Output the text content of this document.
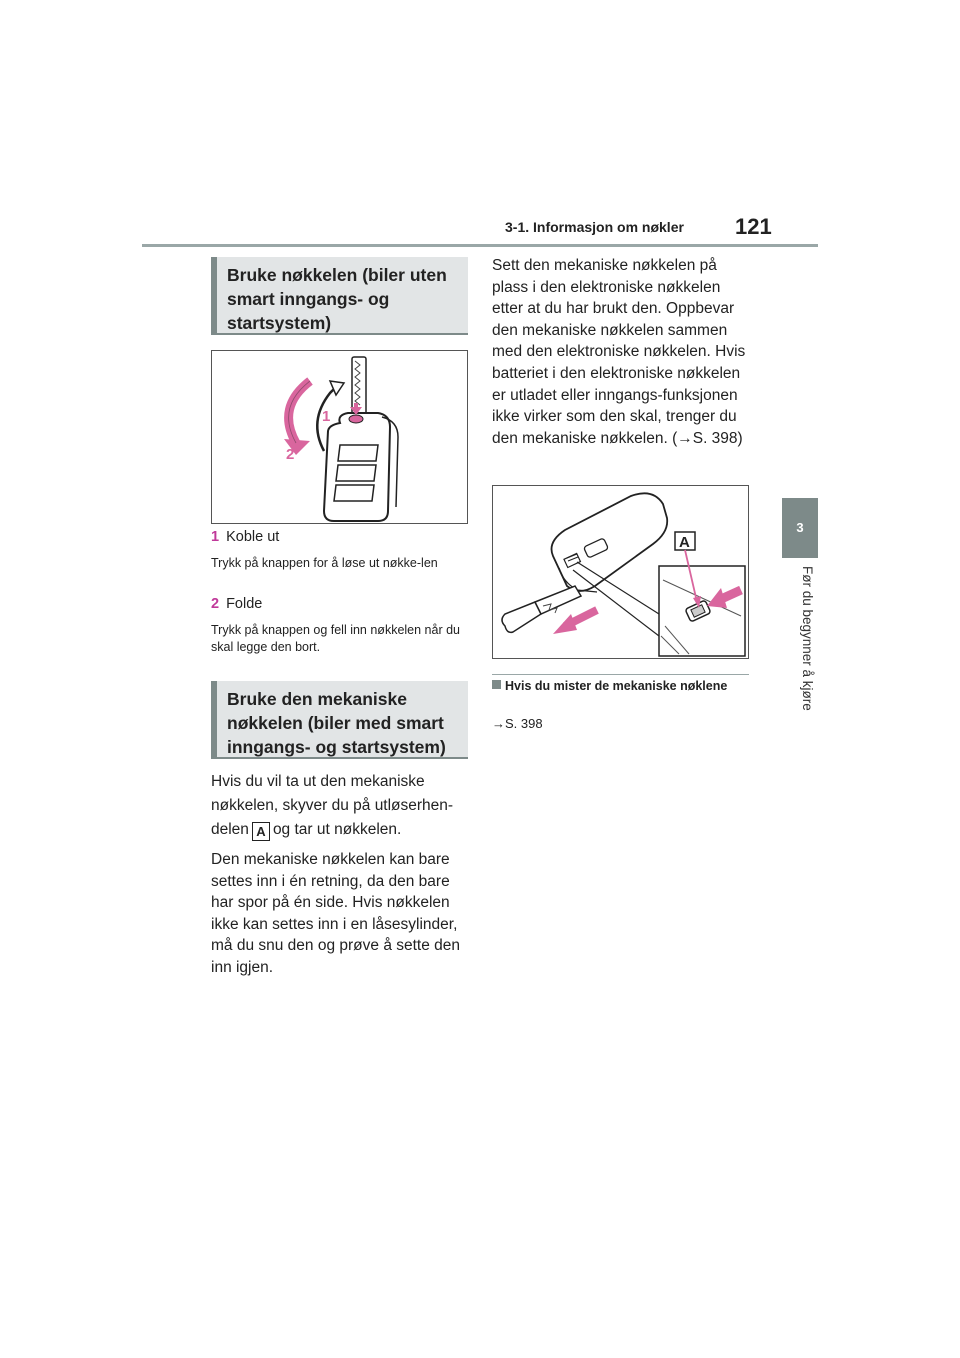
3-1. Informasjon om nøkler 121
3
Før du begynner å kjøre
Bruke nøkkelen (biler uten smart inngangs- og startsystem)
1
2
1 Koble ut
Trykk på knappen for å løse ut nøkke-len
2 Folde
Trykk på knappen og fell inn nøkkelen når du skal legge den bort.
Bruke den mekaniske nøkkelen (biler med smart inngangs- og startsystem)
Hvis du vil ta ut den mekaniske nøkkelen, skyver du på utløserhen-delen A og tar ut nøkkelen.
Den mekaniske nøkkelen kan bare settes inn i én retning, da den bare har spor på én side. Hvis nøkkelen ikke kan settes inn i en låsesylinder, må du snu den og prøve å sette den inn igjen.
Sett den mekaniske nøkkelen på plass i den elektroniske nøkkelen etter at du har brukt den. Oppbevar den mekaniske nøkkelen sammen med den elektroniske nøkkelen. Hvis batteriet i den elektroniske nøkkelen er utladet eller inngangs-funksjonen ikke virker som den skal, trenger du den mekaniske nøkkelen. (→S. 398)
A
Hvis du mister de mekaniske nøklene
→S. 398
